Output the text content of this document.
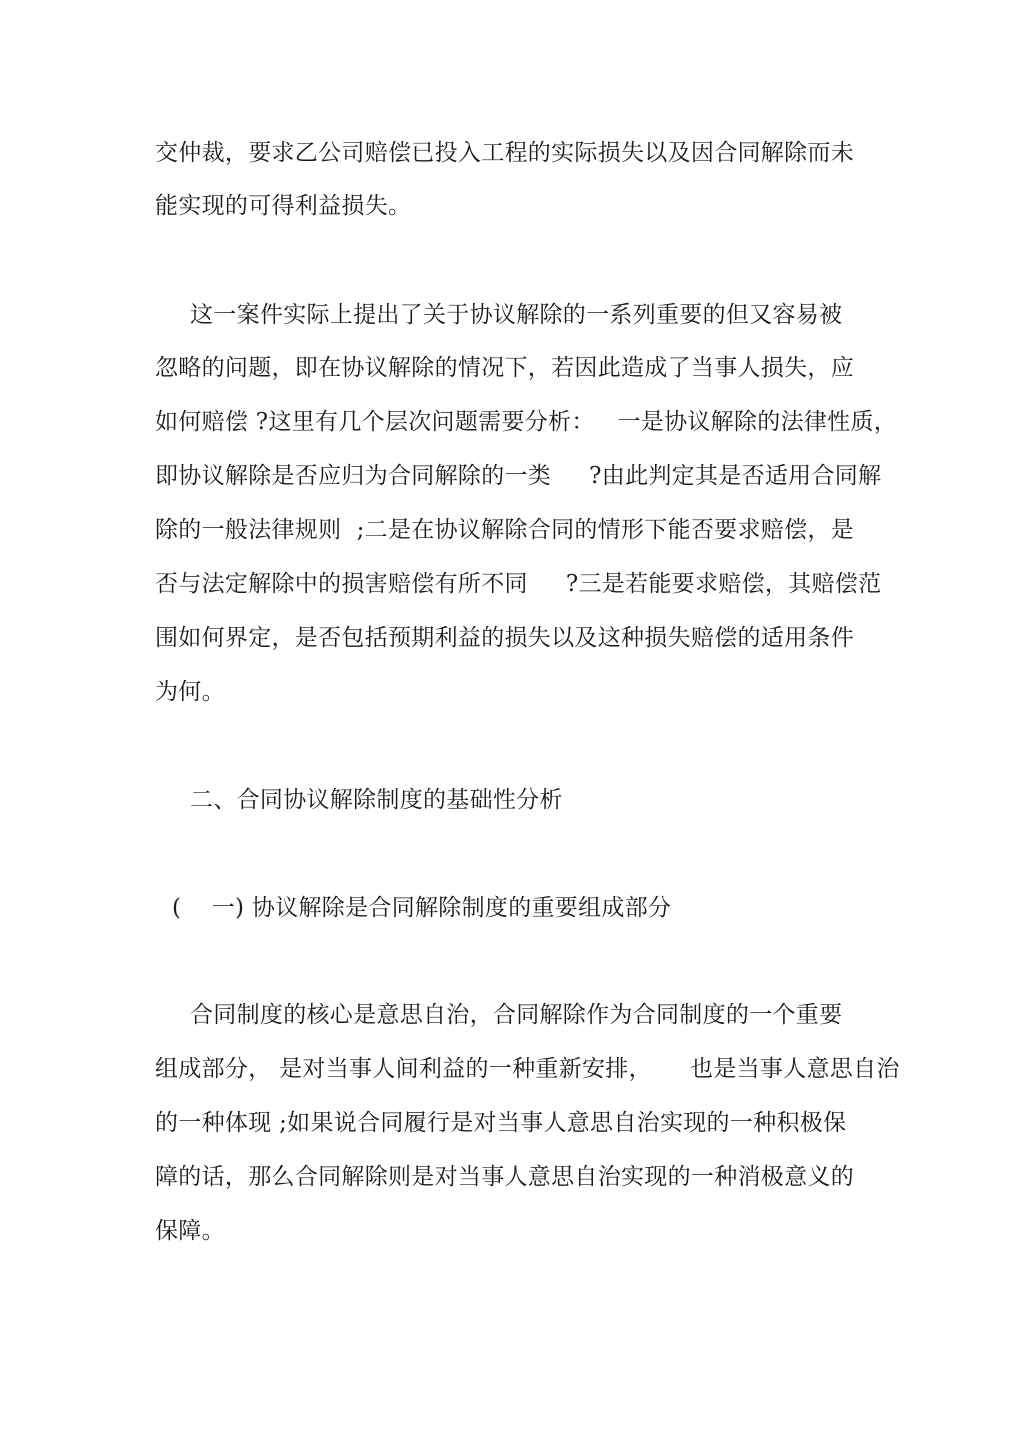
交仲裁，要求乙公司赔偿已投入工程的实际损失以及因合同解除而未
能实现的可得利益损失。
这一案件实际上提出了关于协议解除的一系列重要的但又容易被
忽略的问题，即在协议解除的情况下，若因此造成了当事人损失，应
如何赔偿 ?这里有几个层次问题需要分析：   一是协议解除的法律性质，
即协议解除是否应归为合同解除的一类     ?由此判定其是否适用合同解
除的一般法律规则  ;二是在协议解除合同的情形下能否要求赔偿，是
否与法定解除中的损害赔偿有所不同     ?三是若能要求赔偿，其赔偿范
围如何界定，是否包括预期利益的损失以及这种损失赔偿的适用条件
为何。
二、合同协议解除制度的基础性分析
(    一) 协议解除是合同解除制度的重要组成部分
合同制度的核心是意思自治，合同解除作为合同制度的一个重要
组成部分， 是对当事人间利益的一种重新安排，     也是当事人意思自治
的一种体现 ;如果说合同履行是对当事人意思自治实现的一种积极保
障的话，那么合同解除则是对当事人意思自治实现的一种消极意义的
保障。
